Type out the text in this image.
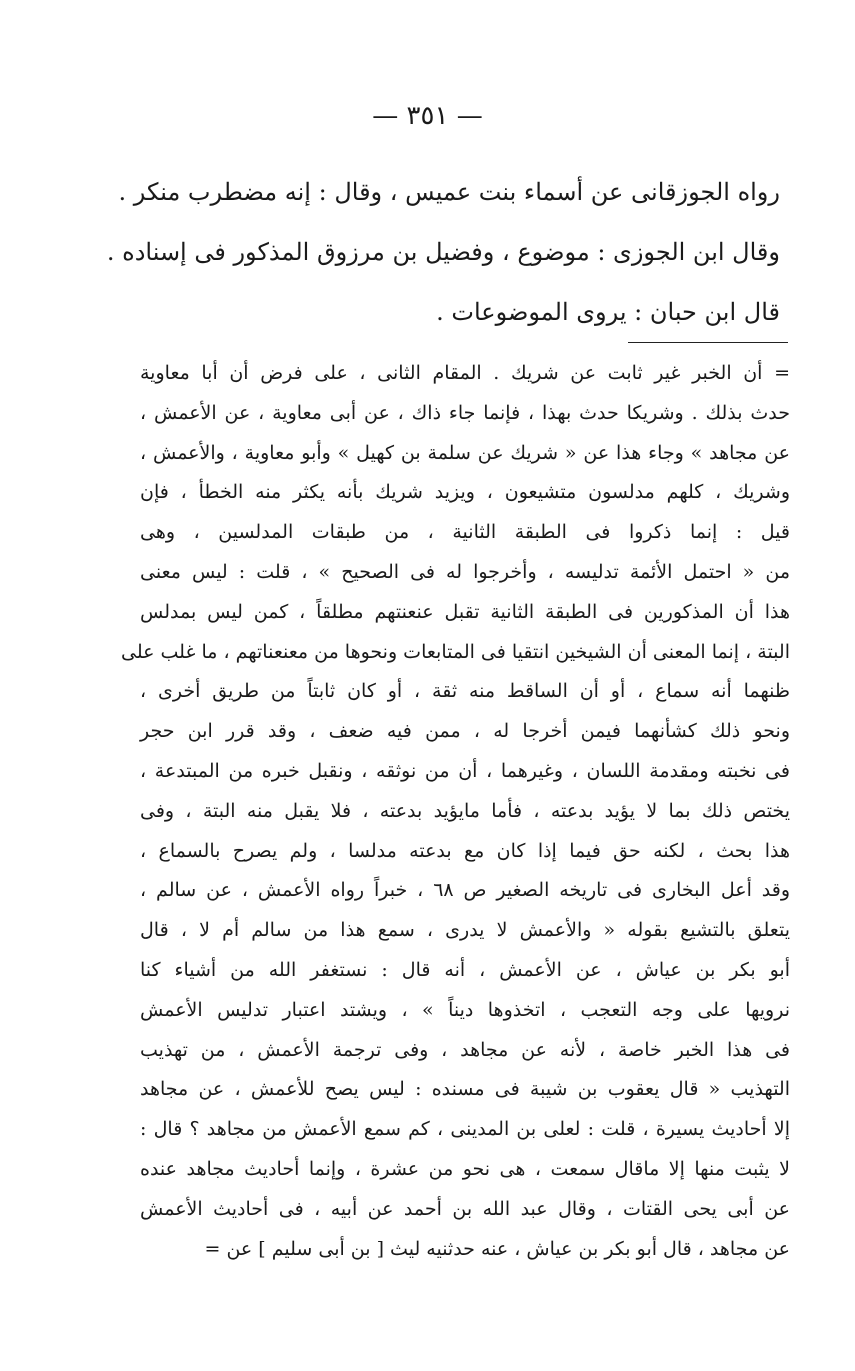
— ٣٥١ —
رواه الجوزقانى عن أسماء بنت عميس ، وقال : إنه مضطرب منكر .
وقال ابن الجوزى : موضوع ، وفضيل بن مرزوق المذكور فى إسناده .
قال ابن حبان : يروى الموضوعات .
= أن الخبر غير ثابت عن شريك . المقام الثانى ، على فرض أن أبا معاوية
حدث بذلك . وشريكا حدث بهذا ، فإنما جاء ذاك ، عن أبى معاوية ، عن الأعمش ،
عن مجاهد » وجاء هذا عن « شريك عن سلمة بن كهيل » وأبو معاوية ، والأعمش ،
وشريك ، كلهم مدلسون متشيعون ، ويزيد شريك بأنه يكثر منه الخطأ ، فإن
قيل : إنما ذكروا فى الطبقة الثانية ، من طبقات المدلسين ، وهى
من « احتمل الأئمة تدليسه ، وأخرجوا له فى الصحيح » ، قلت : ليس معنى
هذا أن المذكورين فى الطبقة الثانية تقبل عنعنتهم مطلقاً ، كمن ليس بمدلس
البتة ، إنما المعنى أن الشيخين انتقيا فى المتابعات ونحوها من معنعناتهم ، ما غلب على
ظنهما أنه سماع ، أو أن الساقط منه ثقة ، أو كان ثابتاً من طريق أخرى ،
ونحو ذلك كشأنهما فيمن أخرجا له ، ممن فيه ضعف ، وقد قرر ابن حجر
فى نخبته ومقدمة اللسان ، وغيرهما ، أن من نوثقه ، ونقبل خبره من المبتدعة ،
يختص ذلك بما لا يؤيد بدعته ، فأما مايؤيد بدعته ، فلا يقبل منه البتة ، وفى
هذا بحث ، لكنه حق فيما إذا كان مع بدعته مدلسا ، ولم يصرح بالسماع ،
وقد أعل البخارى فى تاريخه الصغير ص ٦٨ ، خبراً رواه الأعمش ، عن سالم ،
يتعلق بالتشيع بقوله « والأعمش لا يدرى ، سمع هذا من سالم أم لا ، قال
أبو بكر بن عياش ، عن الأعمش ، أنه قال : نستغفر الله من أشياء كنا
نرويها على وجه التعجب ، اتخذوها ديناً » ، ويشتد اعتبار تدليس الأعمش
فى هذا الخبر خاصة ، لأنه عن مجاهد ، وفى ترجمة الأعمش ، من تهذيب
التهذيب « قال يعقوب بن شيبة فى مسنده : ليس يصح للأعمش ، عن مجاهد
إلا أحاديث يسيرة ، قلت : لعلى بن المدينى ، كم سمع الأعمش من مجاهد ؟ قال :
لا يثبت منها إلا ماقال سمعت ، هى نحو من عشرة ، وإنما أحاديث مجاهد عنده
عن أبى يحى القتات ، وقال عبد الله بن أحمد عن أبيه ، فى أحاديث الأعمش
عن مجاهد ، قال أبو بكر بن عياش ، عنه حدثنيه ليث [ بن أبى سليم ] عن =
